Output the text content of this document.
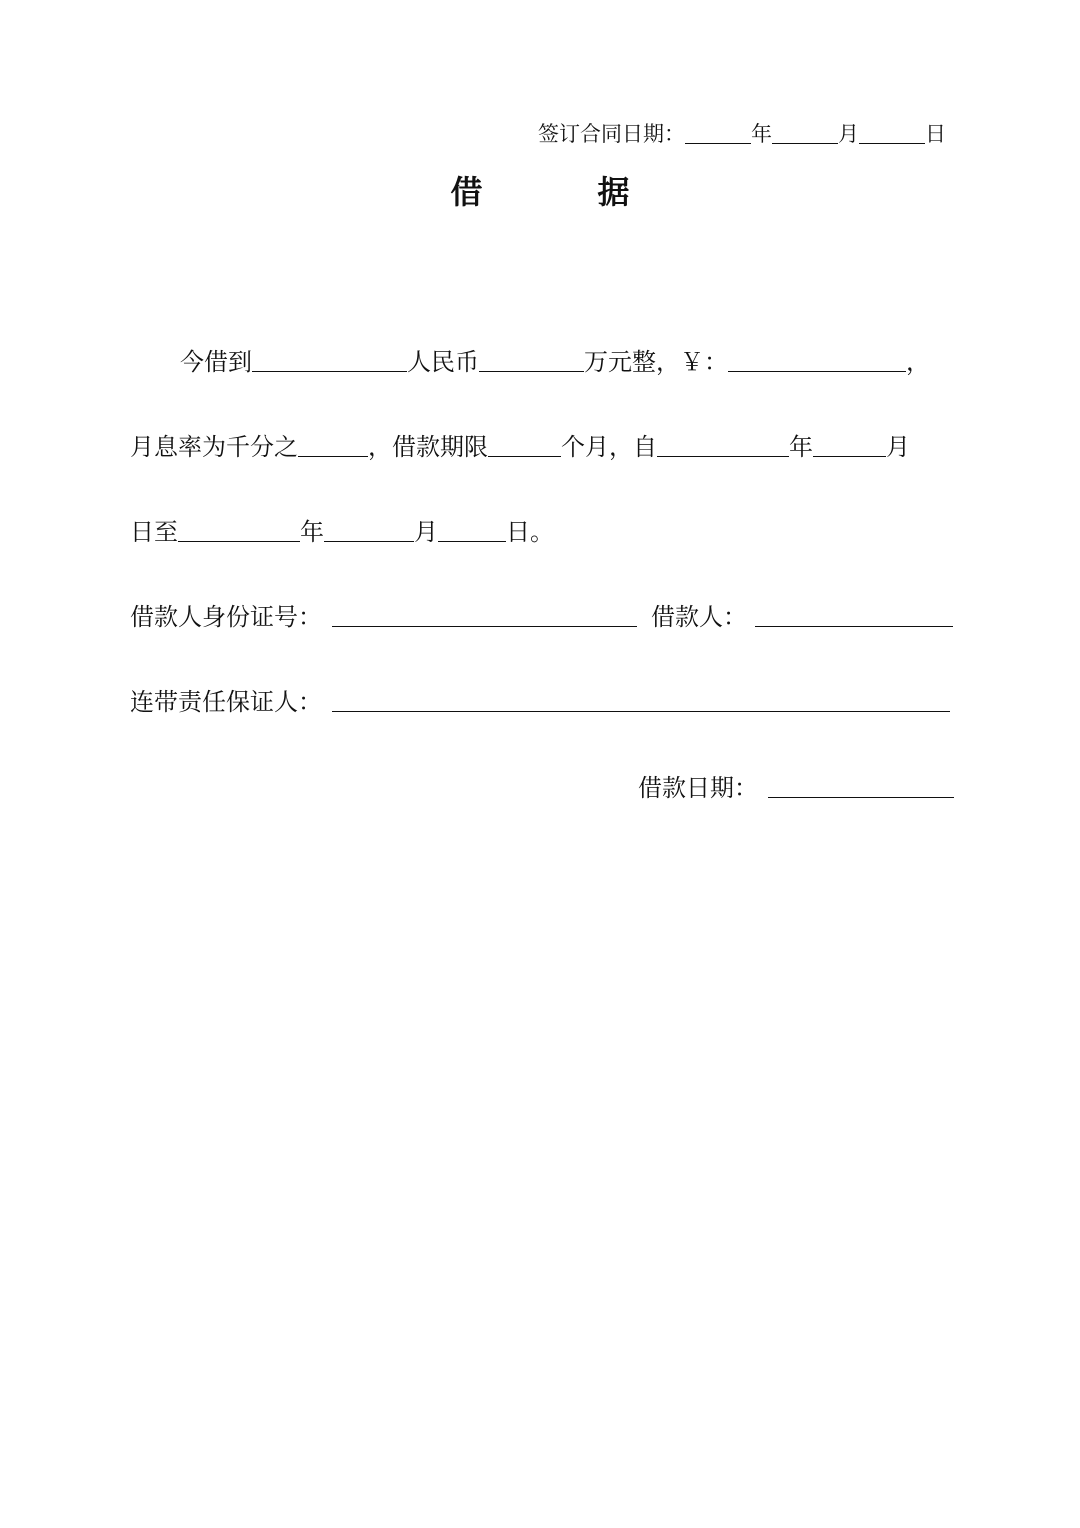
签订合同日期：	年	月	日
借	据
今借到	人民币	万元整，￥：	，
月息率为千分之	，借款期限	个月，自	年	月
日至	年	月	日。
借款人身份证号：	借款人：
连带责任保证人：
借款日期：
